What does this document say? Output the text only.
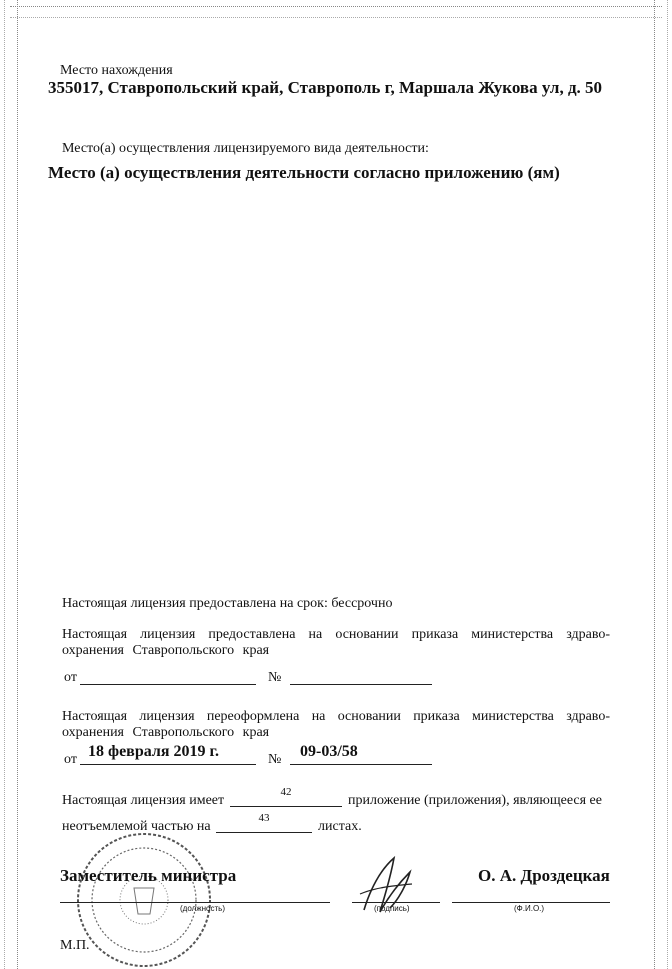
Место нахождения
355017, Ставропольский край, Ставрополь г, Маршала Жукова ул, д. 50
Место(а) осуществления лицензируемого вида деятельности:
Место (а) осуществления деятельности согласно приложению (ям)
Настоящая лицензия предоставлена на срок: бессрочно
Настоящая лицензия предоставлена на основании приказа министерства здраво-
охранения Ставропольского края
от	№
Настоящая лицензия переоформлена на основании приказа министерства здраво-
охранения Ставропольского края
от 18 февраля 2019 г.	№ 09-03/58
Настоящая лицензия имеет
42
приложение (приложения), являющееся ее
неотъемлемой частью на
43
листах.
Заместитель министра	О. А. Дроздецкая
(должность)	(подпись)	(Ф.И.О.)
М.П.
